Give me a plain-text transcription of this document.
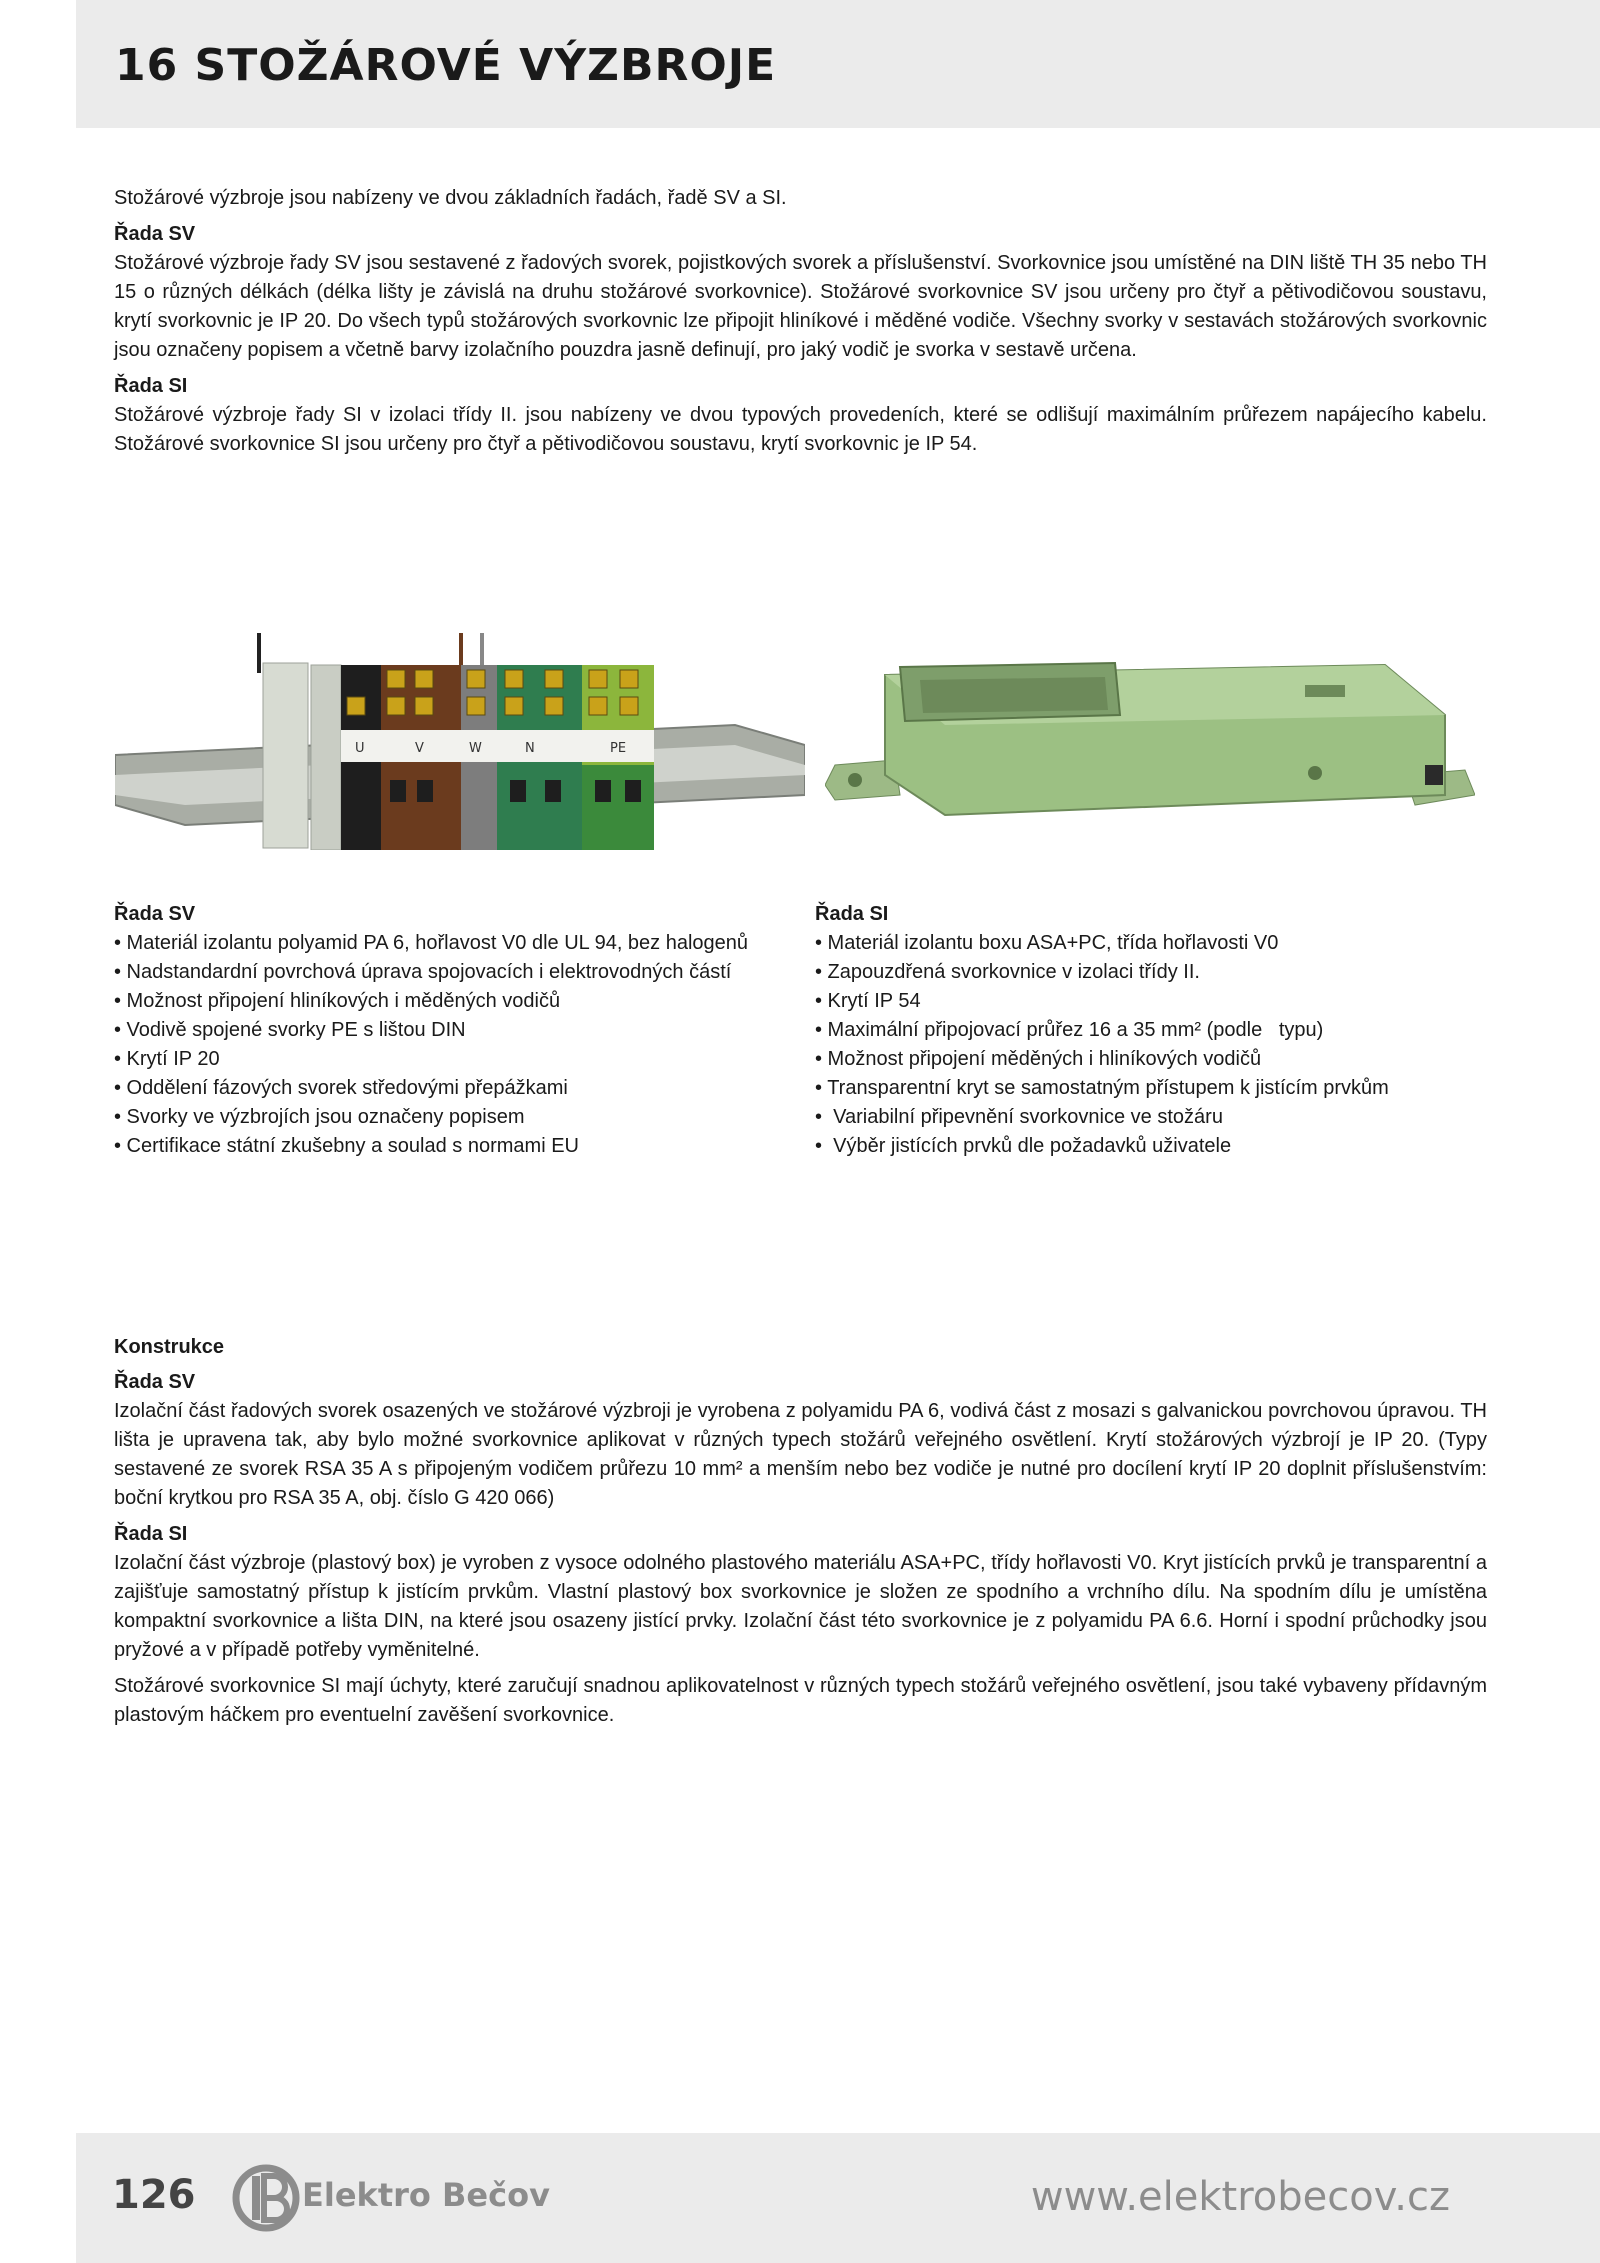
16 STOŽÁROVÉ VÝZBROJE

Stožárové výzbroje jsou nabízeny ve dvou základních řadách, řadě SV a SI.

Řada SV

Stožárové výzbroje řady SV jsou sestavené z řadových svorek, pojistkových svorek a příslušenství. Svorkovnice jsou umístěné na DIN liště TH 35 nebo TH 15 o různých délkách (délka lišty je závislá na druhu stožárové svorkovnice). Stožárové svorkovnice SV jsou určeny pro čtyř a pětivodičovou soustavu, krytí svorkovnic je IP 20. Do všech typů stožárových svorkovnic lze připojit hliníkové i měděné vodiče. Všechny svorky v sestavách stožárových svorkovnic jsou označeny popisem a včetně barvy izolačního pouzdra jasně definují, pro jaký vodič je svorka v sestavě určena.

Řada SI

Stožárové výzbroje řady SI v izolaci třídy II. jsou nabízeny ve dvou typových provedeních, které se odlišují maximálním průřezem napájecího kabelu. Stožárové svorkovnice SI jsou určeny pro čtyř a pětivodičovou soustavu, krytí svorkovnic je IP 54.

U	V	W	N	PE
Řada SV
• Materiál izolantu polyamid PA 6, hořlavost V0 dle UL 94, bez halogenů
• Nadstandardní povrchová úprava spojovacích i elektrovodných částí
• Možnost připojení hliníkových i měděných vodičů
• Vodivě spojené svorky PE s lištou DIN
• Krytí IP 20
• Oddělení fázových svorek středovými přepážkami
• Svorky ve výzbrojích jsou označeny popisem
• Certifikace státní zkušebny a soulad s normami EU
Řada SI
• Materiál izolantu boxu ASA+PC, třída hořlavosti V0
• Zapouzdřená svorkovnice v izolaci třídy II.
• Krytí IP 54
• Maximální připojovací průřez 16 a 35 mm² (podle   typu)
• Možnost připojení měděných i hliníkových vodičů
• Transparentní kryt se samostatným přístupem k jistícím prvkům
•  Variabilní připevnění svorkovnice ve stožáru
•  Výběr jistících prvků dle požadavků uživatele
Konstrukce
Řada SV

Izolační část řadových svorek osazených ve stožárové výzbroji je vyrobena z polyamidu PA 6, vodivá část z mosazi s galvanickou povrchovou úpravou. TH lišta je upravena tak, aby bylo možné svorkovnice aplikovat v různých typech stožárů veřejného osvětlení. Krytí stožárových výzbrojí je IP 20. (Typy sestavené ze svorek RSA 35 A s připojeným vodičem průřezu 10 mm² a menším nebo bez vodiče je nutné pro docílení krytí IP 20 doplnit příslušenstvím: boční krytkou pro RSA 35 A, obj. číslo G 420 066)

Řada SI

Izolační část výzbroje (plastový box) je vyroben z vysoce odolného plastového materiálu ASA+PC, třídy hořlavosti V0. Kryt jistících prvků je transparentní a zajišťuje samostatný přístup k jistícím prvkům. Vlastní plastový box svorkovnice je složen ze spodního a vrchního dílu. Na spodním dílu je umístěna kompaktní svorkovnice a lišta DIN, na které jsou osazeny jistící prvky. Izolační část této svorkovnice je z polyamidu PA 6.6. Horní i spodní průchodky jsou pryžové a v případě potřeby vyměnitelné.

Stožárové svorkovnice SI mají úchyty, které zaručují snadnou aplikovatelnost v různých typech stožárů veřejného osvětlení, jsou také vybaveny přídavným plastovým háčkem pro eventuelní zavěšení svorkovnice.

126	Elektro Bečov	www.elektrobecov.cz
